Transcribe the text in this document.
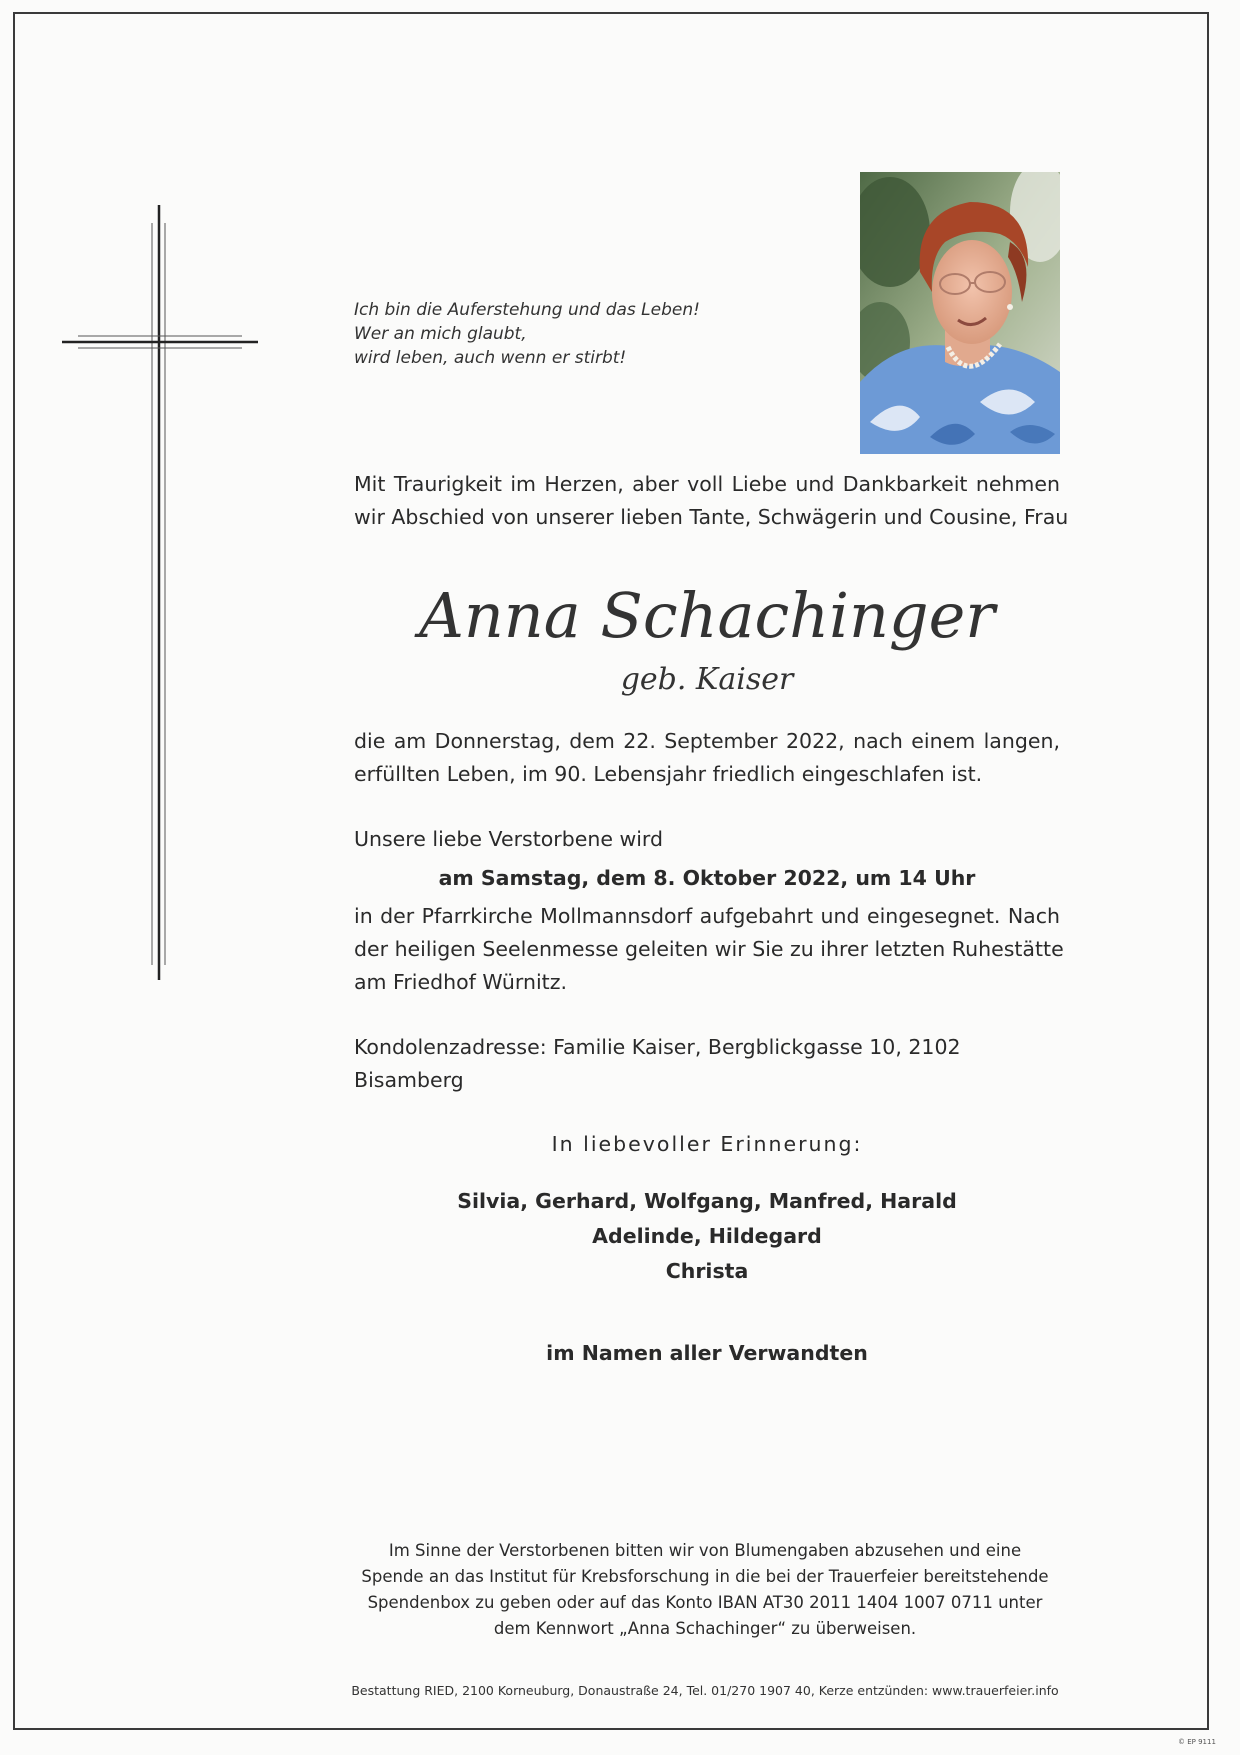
Ich bin die Auferstehung und das Leben!
Wer an mich glaubt,
wird leben, auch wenn er stirbt!
Mit Traurigkeit im Herzen, aber voll Liebe und Dankbarkeit nehmen
wir Abschied von unserer lieben Tante, Schwägerin und Cousine, Frau
Anna Schachinger
geb. Kaiser
die am Donnerstag, dem 22. September 2022, nach einem langen,
erfüllten Leben, im 90. Lebensjahr friedlich eingeschlafen ist.
Unsere liebe Verstorbene wird
am Samstag, dem 8. Oktober 2022, um 14 Uhr
in der Pfarrkirche Mollmannsdorf aufgebahrt und eingesegnet. Nach
der heiligen Seelenmesse geleiten wir Sie zu ihrer letzten Ruhestätte
am Friedhof Würnitz.
Kondolenzadresse: Familie Kaiser, Bergblickgasse 10, 2102 Bisamberg
In liebevoller Erinnerung:
Silvia, Gerhard, Wolfgang, Manfred, Harald
Adelinde, Hildegard
Christa
im Namen aller Verwandten
Im Sinne der Verstorbenen bitten wir von Blumengaben abzusehen und eine
Spende an das Institut für Krebsforschung in die bei der Trauerfeier bereitstehende
Spendenbox zu geben oder auf das Konto IBAN AT30 2011 1404 1007 0711 unter
dem Kennwort „Anna Schachinger“ zu überweisen.
Bestattung RIED, 2100 Korneuburg, Donaustraße 24, Tel. 01/270 1907 40, Kerze entzünden: www.trauerfeier.info
© EP 9111
